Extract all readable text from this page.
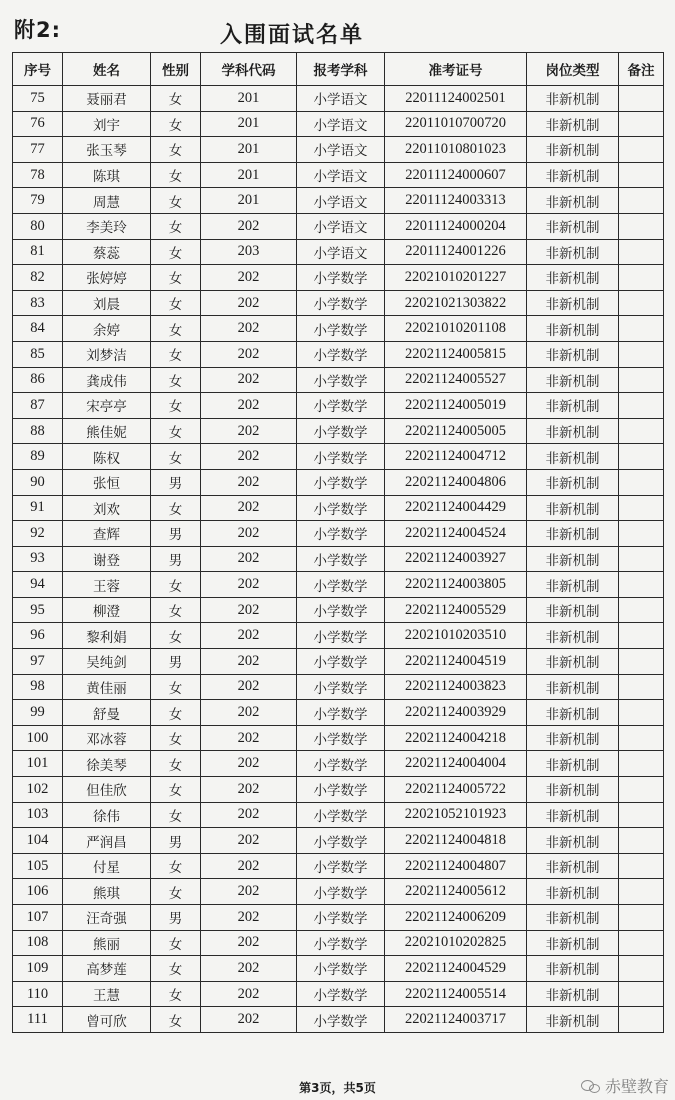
附2:	入围面试名单
序号	姓名	性别	学科代码	报考学科	准考证号	岗位类型	备注
75	聂丽君	女	201	小学语文	22011124002501	非新机制	
76	刘宇	女	201	小学语文	22011010700720	非新机制	
77	张玉琴	女	201	小学语文	22011010801023	非新机制	
78	陈琪	女	201	小学语文	22011124000607	非新机制	
79	周慧	女	201	小学语文	22011124003313	非新机制	
80	李美玲	女	202	小学语文	22011124000204	非新机制	
81	蔡蕊	女	203	小学语文	22011124001226	非新机制	
82	张婷婷	女	202	小学数学	22021010201227	非新机制	
83	刘晨	女	202	小学数学	22021021303822	非新机制	
84	余婷	女	202	小学数学	22021010201108	非新机制	
85	刘梦洁	女	202	小学数学	22021124005815	非新机制	
86	龚成伟	女	202	小学数学	22021124005527	非新机制	
87	宋亭亭	女	202	小学数学	22021124005019	非新机制	
88	熊佳妮	女	202	小学数学	22021124005005	非新机制	
89	陈权	女	202	小学数学	22021124004712	非新机制	
90	张恒	男	202	小学数学	22021124004806	非新机制	
91	刘欢	女	202	小学数学	22021124004429	非新机制	
92	查辉	男	202	小学数学	22021124004524	非新机制	
93	谢登	男	202	小学数学	22021124003927	非新机制	
94	王蓉	女	202	小学数学	22021124003805	非新机制	
95	柳澄	女	202	小学数学	22021124005529	非新机制	
96	黎利娟	女	202	小学数学	22021010203510	非新机制	
97	吴纯剑	男	202	小学数学	22021124004519	非新机制	
98	黄佳丽	女	202	小学数学	22021124003823	非新机制	
99	舒曼	女	202	小学数学	22021124003929	非新机制	
100	邓冰蓉	女	202	小学数学	22021124004218	非新机制	
101	徐美琴	女	202	小学数学	22021124004004	非新机制	
102	但佳欣	女	202	小学数学	22021124005722	非新机制	
103	徐伟	女	202	小学数学	22021052101923	非新机制	
104	严润昌	男	202	小学数学	22021124004818	非新机制	
105	付星	女	202	小学数学	22021124004807	非新机制	
106	熊琪	女	202	小学数学	22021124005612	非新机制	
107	汪奇强	男	202	小学数学	22021124006209	非新机制	
108	熊丽	女	202	小学数学	22021010202825	非新机制	
109	高梦莲	女	202	小学数学	22021124004529	非新机制	
110	王慧	女	202	小学数学	22021124005514	非新机制	
111	曾可欣	女	202	小学数学	22021124003717	非新机制	
第3页，共5页	赤壁教育
